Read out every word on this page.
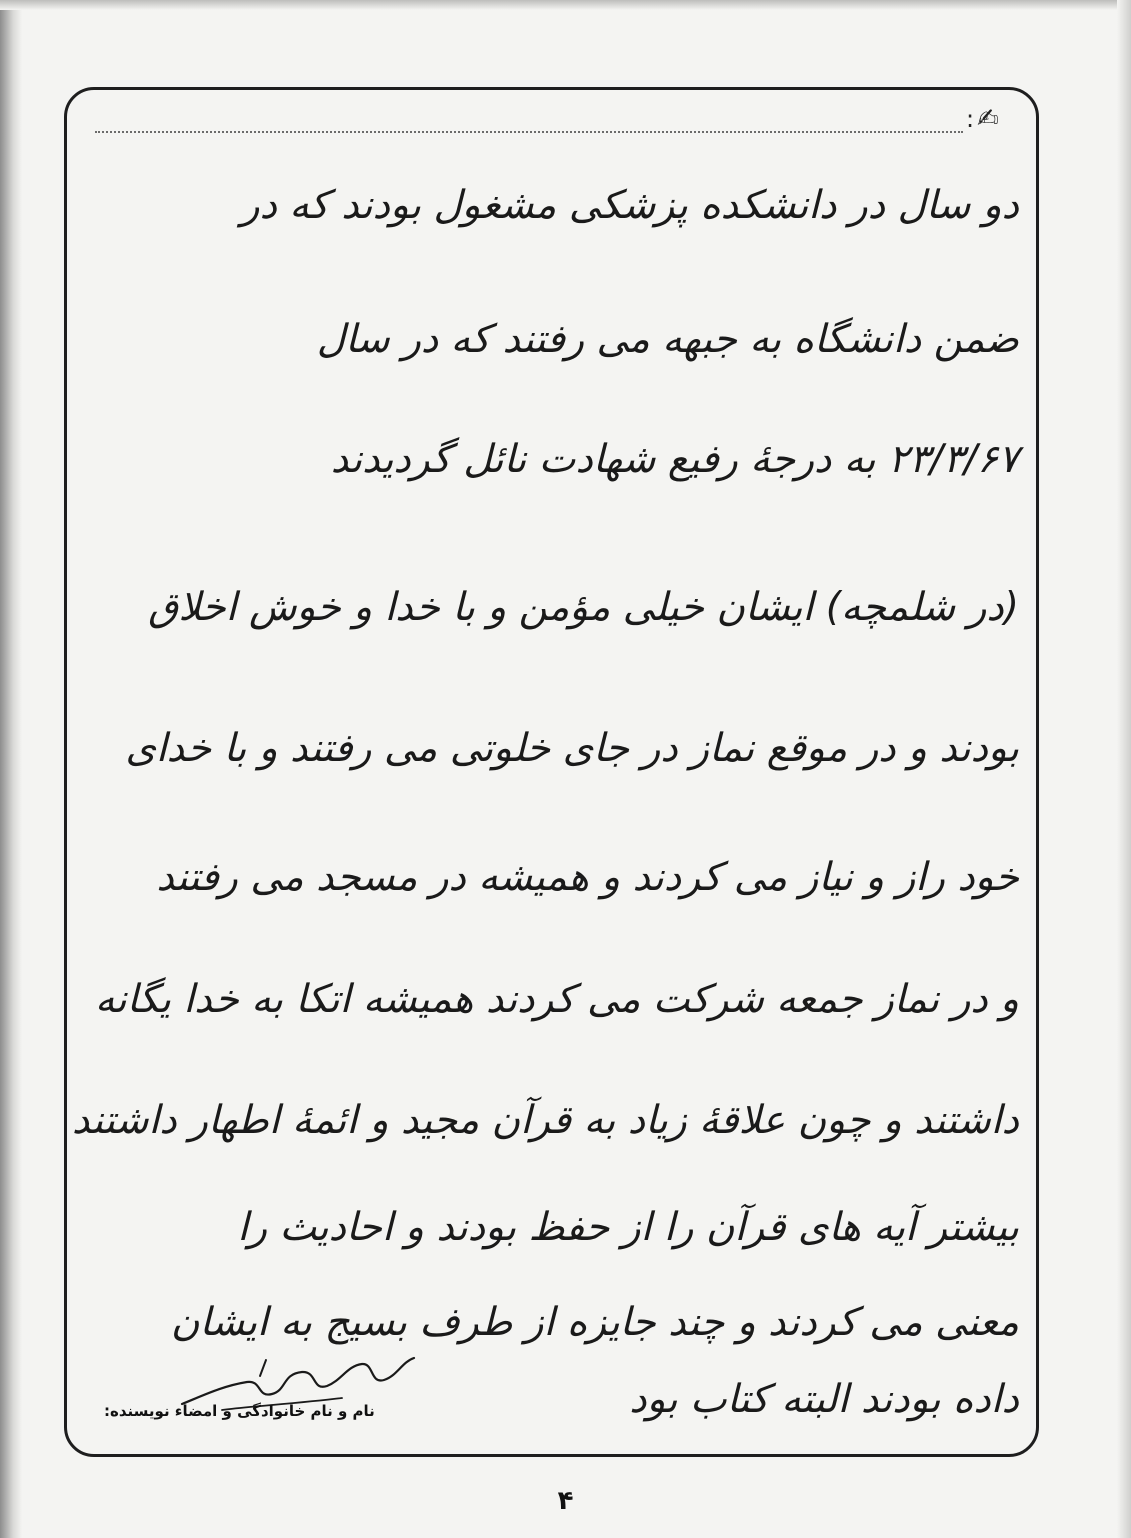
: ✍
دو سال در دانشکده پزشکی مشغول بودند که در
ضمن دانشگاه به جبهه می رفتند که در سال
۲۳/۳/۶۷ به درجهٔ رفیع شهادت نائل گردیدند
(در شلمچه) ایشان خیلی مؤمن و با خدا و خوش اخلاق
بودند و در موقع نماز در جای خلوتی می رفتند و با خدای
خود راز و نیاز می کردند و همیشه در مسجد می رفتند
و در نماز جمعه شرکت می کردند همیشه اتکا به خدا یگانه
داشتند و چون علاقهٔ زیاد به قرآن مجید و ائمهٔ اطهار داشتند
بیشتر آیه های قرآن را از حفظ بودند و احادیث را
معنی می کردند و چند جایزه از طرف بسیج به ایشان
داده بودند البته کتاب بود
نام و نام خانوادگی و امضاء نویسنده:
۴
